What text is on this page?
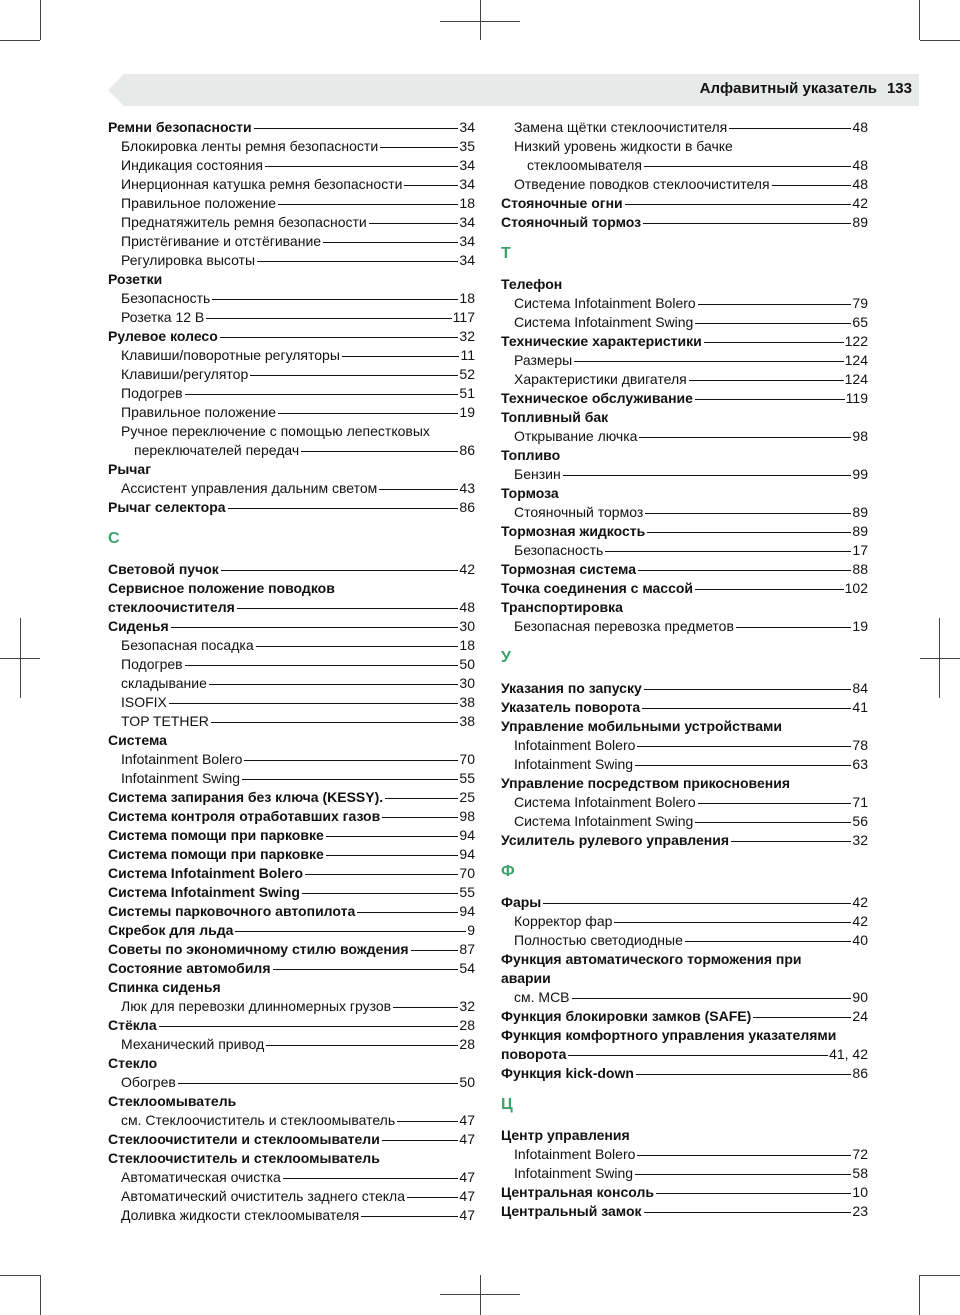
Алфавитный указатель 133
Ремни безопасности	34
Блокировка ленты ремня безопасности	35
Индикация состояния	34
Инерционная катушка ремня безопасности	34
Правильное положение	18
Преднатяжитель ремня безопасности	34
Пристёгивание и отстёгивание	34
Регулировка высоты	34
Розетки
Безопасность	18
Розетка 12 В	117
Рулевое колесо	32
Клавиши/поворотные регуляторы	11
Клавиши/регулятор	52
Подогрев	51
Правильное положение	19
Ручное переключение с помощью лепестковых
переключателей передач	86
Рычаг
Ассистент управления дальним светом	43
Рычаг селектора	86
С
Световой пучок	42
Сервисное положение поводков
стеклоочистителя	48
Сиденья	30
Безопасная посадка	18
Подогрев	50
складывание	30
ISOFIX	38
TOP TETHER	38
Система
Infotainment Bolero	70
Infotainment Swing	55
Система запирания без ключа (KESSY).	25
Система контроля отработавших газов	98
Система помощи при парковке	94
Система помощи при парковке	94
Система Infotainment Bolero	70
Система Infotainment Swing	55
Системы парковочного автопилота	94
Скребок для льда	9
Советы по экономичному стилю вождения	87
Состояние автомобиля	54
Спинка сиденья
Люк для перевозки длинномерных грузов	32
Стёкла	28
Механический привод	28
Стекло
Обогрев	50
Стеклоомыватель
см. Стеклоочиститель и стеклоомыватель	47
Стеклоочистители и стеклоомыватели	47
Стеклоочиститель и стеклоомыватель
Автоматическая очистка	47
Автоматический очиститель заднего стекла	47
Доливка жидкости стеклоомывателя	47
Замена щётки стеклоочистителя	48
Низкий уровень жидкости в бачке
стеклоомывателя	48
Отведение поводков стеклоочистителя	48
Стояночные огни	42
Стояночный тормоз	89
Т
Телефон
Система Infotainment Bolero	79
Система Infotainment Swing	65
Технические характеристики	122
Размеры	124
Характеристики двигателя	124
Техническое обслуживание	119
Топливный бак
Открывание лючка	98
Топливо
Бензин	99
Тормоза
Стояночный тормоз	89
Тормозная жидкость	89
Безопасность	17
Тормозная система	88
Точка соединения с массой	102
Транспортировка
Безопасная перевозка предметов	19
У
Указания по запуску	84
Указатель поворота	41
Управление мобильными устройствами
Infotainment Bolero	78
Infotainment Swing	63
Управление посредством прикосновения
Система Infotainment Bolero	71
Система Infotainment Swing	56
Усилитель рулевого управления	32
Ф
Фары	42
Корректор фар	42
Полностью светодиодные	40
Функция автоматического торможения при
аварии
см. MCB	90
Функция блокировки замков (SAFE)	24
Функция комфортного управления указателями
поворота	41, 42
Функция kick-down	86
Ц
Центр управления
Infotainment Bolero	72
Infotainment Swing	58
Центральная консоль	10
Центральный замок	23
